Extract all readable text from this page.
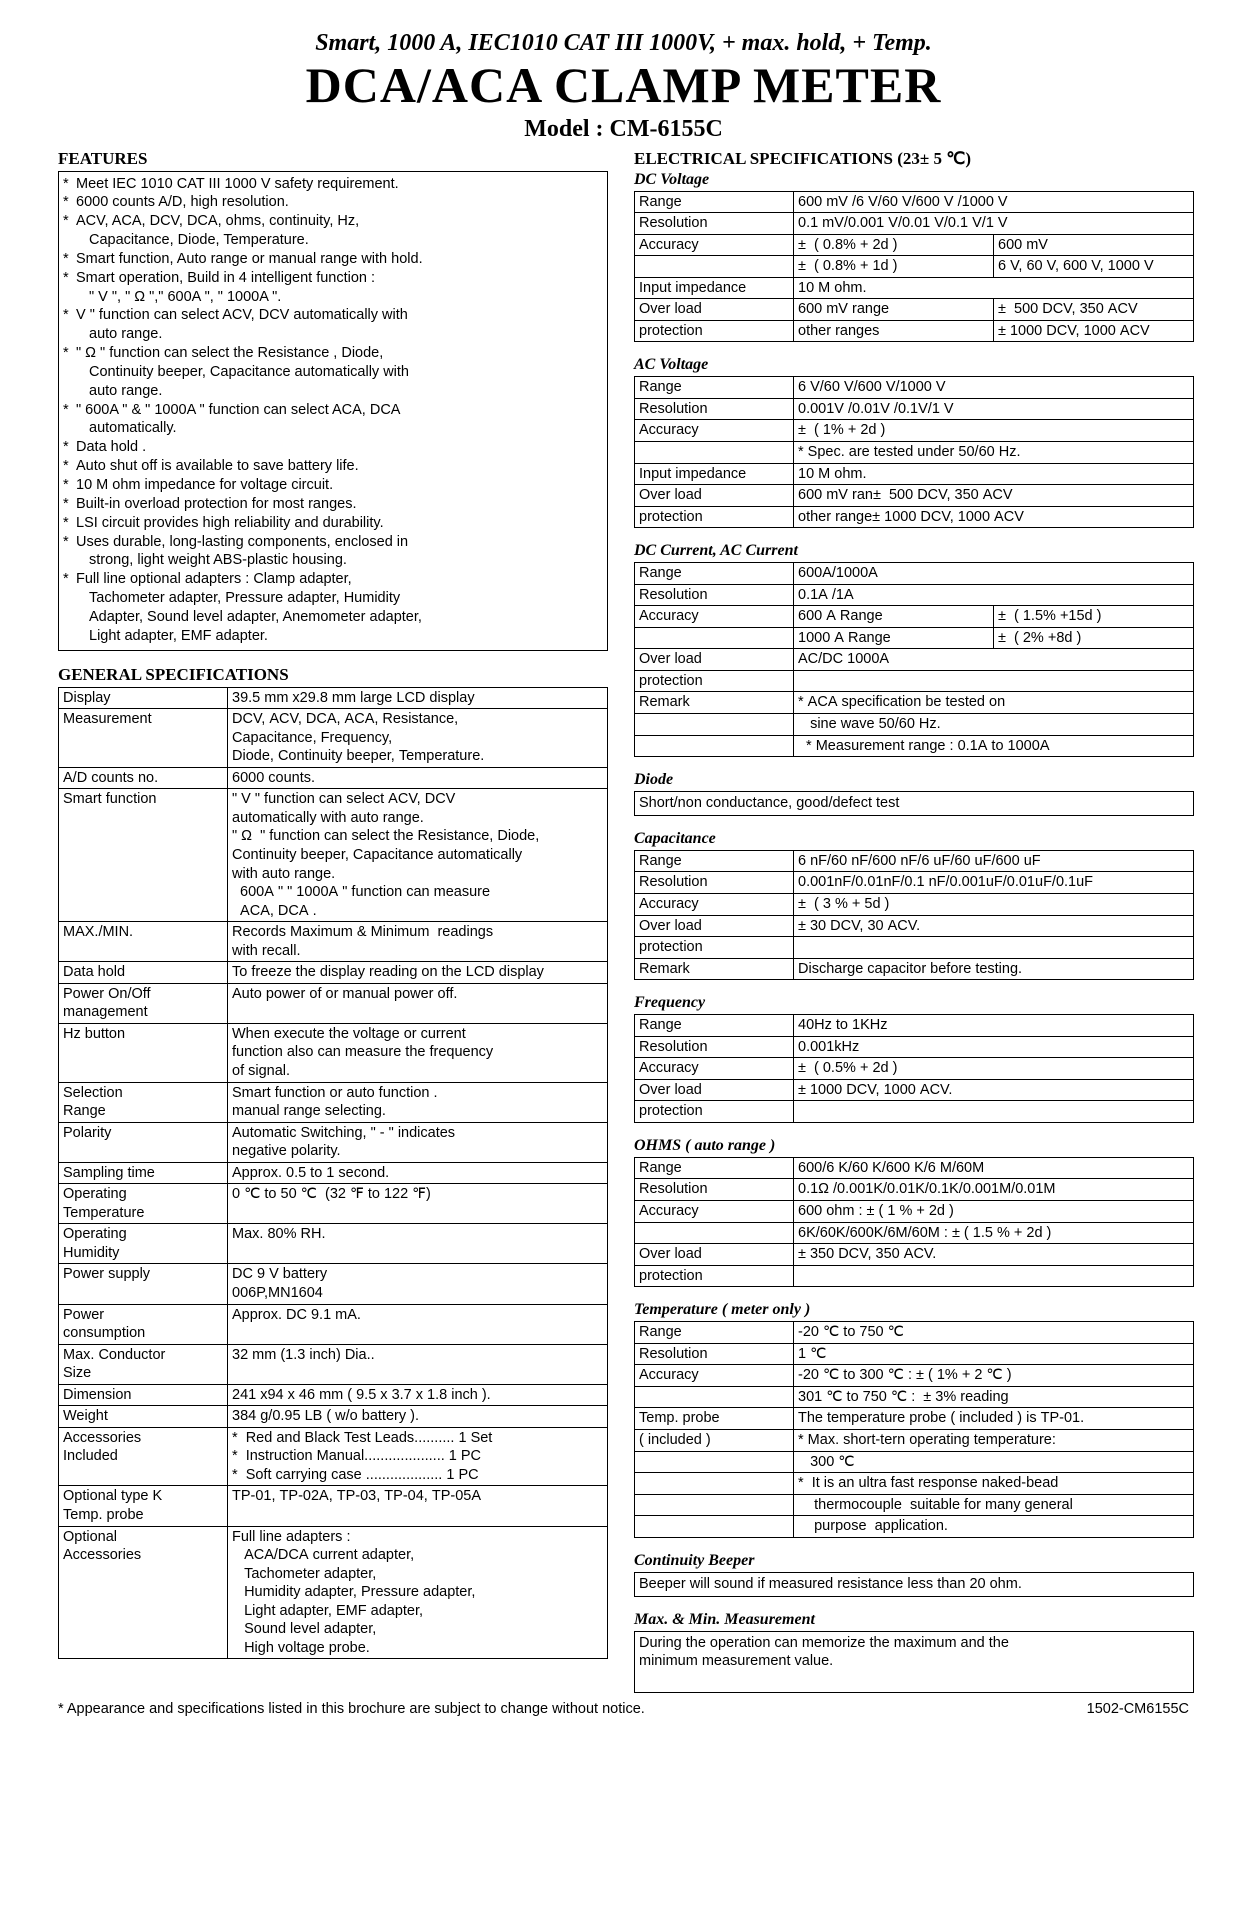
Smart, 1000 A, IEC1010 CAT III 1000V, + max. hold, + Temp.
DCA/ACA CLAMP METER
Model : CM-6155C
FEATURES
* Meet IEC 1010 CAT III 1000 V safety requirement.
* 6000 counts A/D, high resolution.
* ACV, ACA, DCV, DCA, ohms, continuity, Hz,
Capacitance, Diode, Temperature.
* Smart function, Auto range or manual range with hold.
* Smart operation, Build in 4 intelligent function :
" V ", " Ω "," 600A ", " 1000A ".
* V " function can select ACV, DCV automatically with
auto range.
* " Ω " function can select the Resistance , Diode,
Continuity beeper, Capacitance automatically with
auto range.
* " 600A " & " 1000A " function can select ACA, DCA
automatically.
* Data hold .
* Auto shut off is available to save battery life.
* 10 M ohm impedance for voltage circuit.
* Built-in overload protection for most ranges.
* LSI circuit provides high reliability and durability.
* Uses durable, long-lasting components, enclosed in
strong, light weight ABS-plastic housing.
* Full line optional adapters : Clamp adapter,
Tachometer adapter, Pressure adapter, Humidity
Adapter, Sound level adapter, Anemometer adapter,
Light adapter, EMF adapter.
GENERAL SPECIFICATIONS
Display	39.5 mm x29.8 mm large LCD display
Measurement	DCV, ACV, DCA, ACA, Resistance,
Capacitance, Frequency,
Diode, Continuity beeper, Temperature.
A/D counts no.	6000 counts.
Smart function	" V " function can select ACV, DCV
automatically with auto range.
" Ω  " function can select the Resistance, Diode,
Continuity beeper, Capacitance automatically
with auto range.
600A " " 1000A " function can measure
ACA, DCA .
MAX./MIN.	Records Maximum & Minimum  readings
with recall.
Data hold	To freeze the display reading on the LCD display
Power On/Off
management	Auto power of or manual power off.
Hz button	When execute the voltage or current
function also can measure the frequency
of signal.
Selection
Range	Smart function or auto function .
manual range selecting.
Polarity	Automatic Switching, " - " indicates
negative polarity.
Sampling time	Approx. 0.5 to 1 second.
Operating
Temperature	0 ℃ to 50 ℃  (32 ℉ to 122 ℉)
Operating
Humidity	Max. 80% RH.
Power supply	DC 9 V battery
006P,MN1604
Power
consumption	Approx. DC 9.1 mA.
Max. Conductor
Size	32 mm (1.3 inch) Dia..
Dimension	241 x94 x 46 mm ( 9.5 x 3.7 x 1.8 inch ).
Weight	384 g/0.95 LB ( w/o battery ).
Accessories
Included	*  Red and Black Test Leads.......... 1 Set
*  Instruction Manual.................... 1 PC
*  Soft carrying case ................... 1 PC
Optional type K
Temp. probe	TP-01, TP-02A, TP-03, TP-04, TP-05A
Optional
Accessories	Full line adapters :
ACA/DCA current adapter,
Tachometer adapter,
Humidity adapter, Pressure adapter,
Light adapter, EMF adapter,
Sound level adapter,
High voltage probe.
ELECTRICAL SPECIFICATIONS (23± 5 ℃)
DC Voltage
Range	600 mV /6 V/60 V/600 V /1000 V	
Resolution	0.1 mV/0.001 V/0.01 V/0.1 V/1 V	
Accuracy	±  ( 0.8% + 2d )	600 mV
	±  ( 0.8% + 1d )	6 V, 60 V, 600 V, 1000 V
Input impedance	10 M ohm.	
Over load	600 mV range	±  500 DCV, 350 ACV
protection	other ranges	± 1000 DCV, 1000 ACV
AC Voltage
Range	6 V/60 V/600 V/1000 V
Resolution	0.001V /0.01V /0.1V/1 V
Accuracy	±  ( 1% + 2d )
	* Spec. are tested under 50/60 Hz.
Input impedance	10 M ohm.
Over load	600 mV ran±  500 DCV, 350 ACV
protection	other range± 1000 DCV, 1000 ACV
DC Current, AC Current
Range	600A/1000A	
Resolution	0.1A /1A	
Accuracy	600 A Range	±  ( 1.5% +15d )
	1000 A Range	±  ( 2% +8d )
Over load	AC/DC 1000A	
protection		
Remark	* ACA specification be tested on	
	sine wave 50/60 Hz.	
	* Measurement range : 0.1A to 1000A	
Diode
Short/non conductance, good/defect test
Capacitance
Range	6 nF/60 nF/600 nF/6 uF/60 uF/600 uF
Resolution	0.001nF/0.01nF/0.1 nF/0.001uF/0.01uF/0.1uF
Accuracy	±  ( 3 % + 5d )
Over load	± 30 DCV, 30 ACV.
protection	
Remark	Discharge capacitor before testing.
Frequency
Range	40Hz to 1KHz
Resolution	0.001kHz
Accuracy	±  ( 0.5% + 2d )
Over load	± 1000 DCV, 1000 ACV.
protection	
OHMS ( auto range )
Range	600/6 K/60 K/600 K/6 M/60M
Resolution	0.1Ω /0.001K/0.01K/0.1K/0.001M/0.01M
Accuracy	600 ohm : ± ( 1 % + 2d )
	6K/60K/600K/6M/60M : ± ( 1.5 % + 2d )
Over load	± 350 DCV, 350 ACV.
protection	
Temperature ( meter only )
Range	-20 ℃ to 750 ℃
Resolution	1 ℃
Accuracy	-20 ℃ to 300 ℃ : ± ( 1% + 2 ℃ )
	301 ℃ to 750 ℃ :  ± 3% reading
Temp. probe	The temperature probe ( included ) is TP-01.
( included )	* Max. short-tern operating temperature:
	300 ℃
	*  It is an ultra fast response naked-bead
	thermocouple  suitable for many general
	purpose  application.
Continuity Beeper
Beeper will sound if measured resistance less than 20 ohm.
Max. & Min. Measurement
During the operation can memorize the maximum and the
minimum measurement value.

* Appearance and specifications listed in this brochure are subject to change without notice.	1502-CM6155C
